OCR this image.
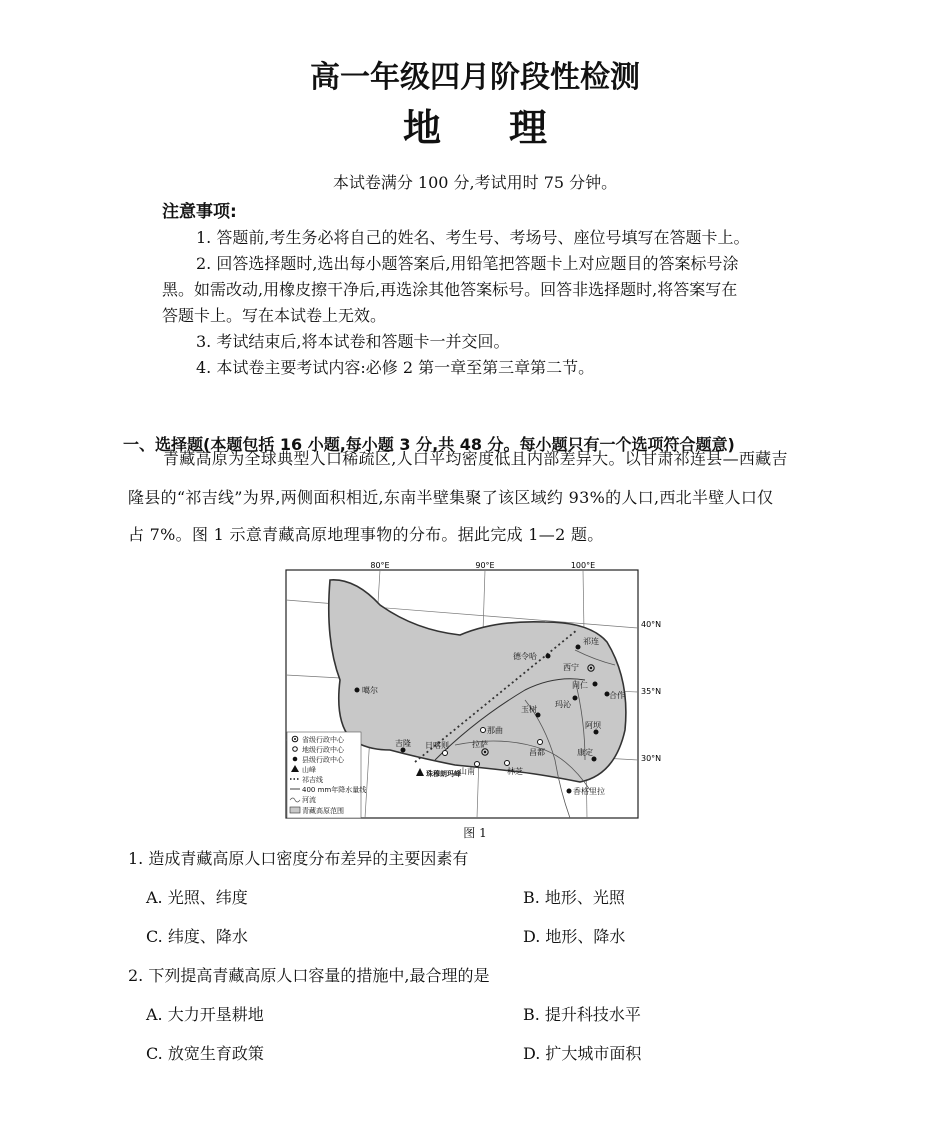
高一年级四月阶段性检测
地 理
本试卷满分 100 分,考试用时 75 分钟。
注意事项:
1. 答题前,考生务必将自己的姓名、考生号、考场号、座位号填写在答题卡上。
2. 回答选择题时,选出每小题答案后,用铅笔把答题卡上对应题目的答案标号涂
黑。如需改动,用橡皮擦干净后,再选涂其他答案标号。回答非选择题时,将答案写在
答题卡上。写在本试卷上无效。
3. 考试结束后,将本试卷和答题卡一并交回。
4. 本试卷主要考试内容:必修 2 第一章至第三章第二节。
一、选择题(本题包括 16 小题,每小题 3 分,共 48 分。每小题只有一个选项符合题意)
青藏高原为全球典型人口稀疏区,人口平均密度低且内部差异大。以甘肃祁连县—西藏吉
隆县的“祁吉线”为界,两侧面积相近,东南半壁集聚了该区域约 93%的人口,西北半壁人口仅
占 7%。图 1 示意青藏高原地理事物的分布。据此完成 1—2 题。
80°E	90°E	100°E
40°N
35°N
30°N
祁连
西宁
德令哈
同仁
合作
噶尔
玛沁
玉树
那曲
阿坝
吉隆 日喀则	拉萨
昌都	康定
山南	林芝
香格里拉
珠穆朗玛峰
省级行政中心
地级行政中心
县级行政中心
山峰
祁吉线
400 mm年降水量线
河流
青藏高原范围
图 1
1. 造成青藏高原人口密度分布差异的主要因素有
A. 光照、纬度	B. 地形、光照
C. 纬度、降水	D. 地形、降水
2. 下列提高青藏高原人口容量的措施中,最合理的是
A. 大力开垦耕地	B. 提升科技水平
C. 放宽生育政策	D. 扩大城市面积
